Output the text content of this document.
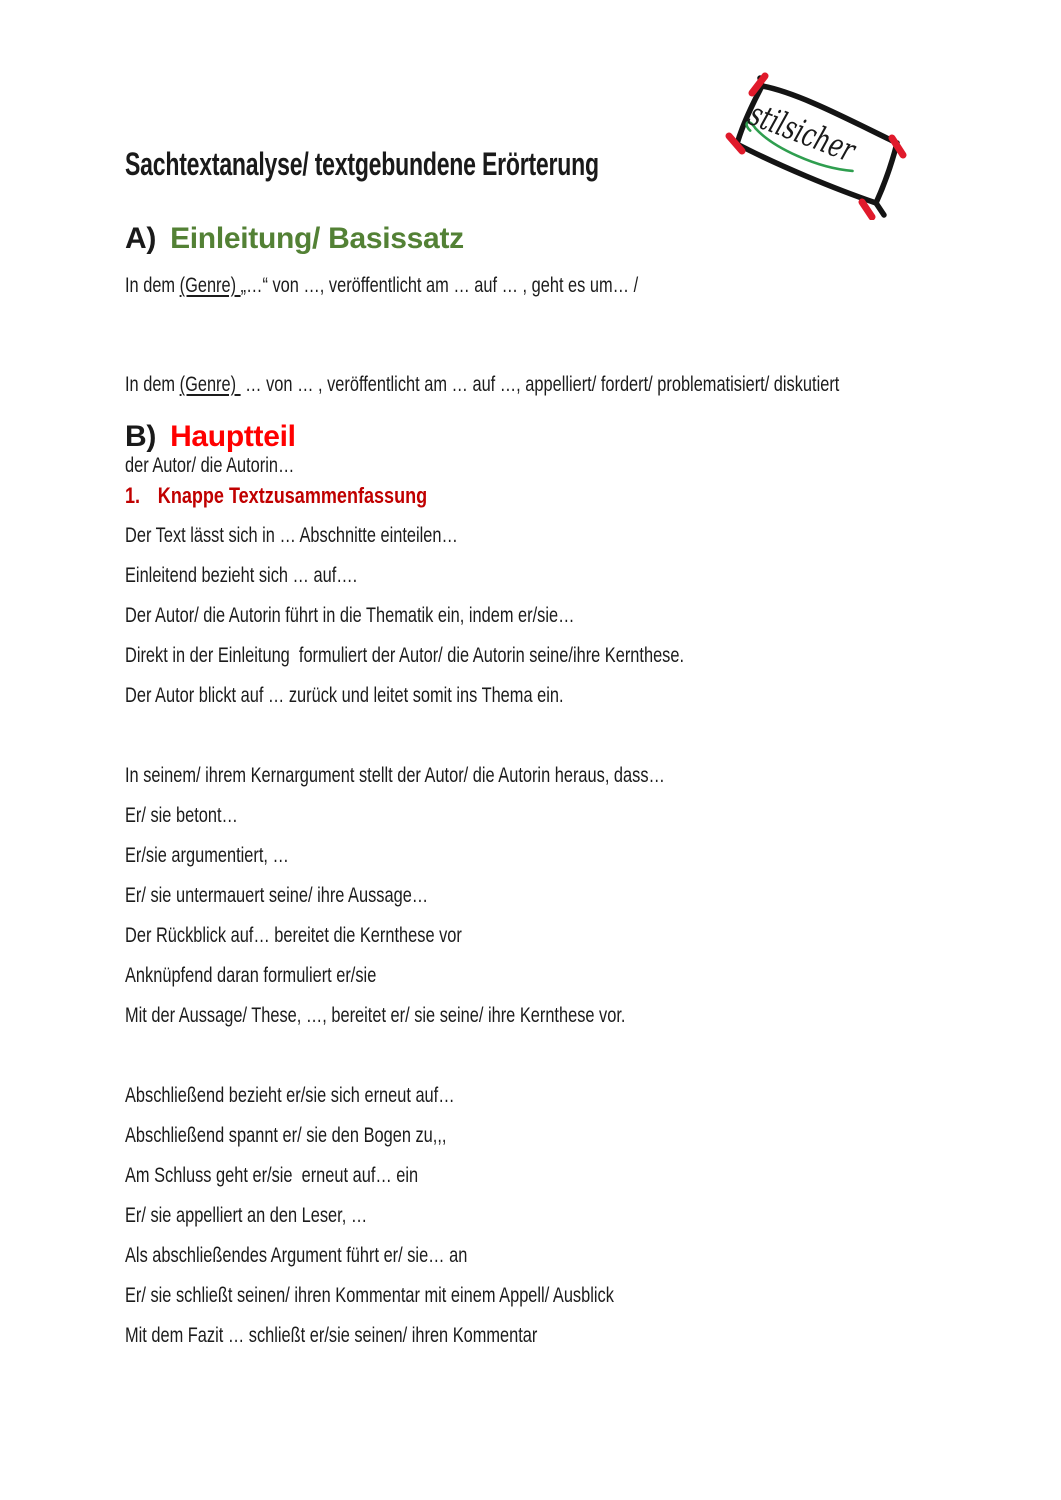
Sachtextanalyse/ textgebundene Erörterung	stilsicher
A) Einleitung/ Basissatz
In dem (Genre) „…“ von …, veröffentlicht am … auf … , geht es um… /

In dem (Genre)  … von … , veröffentlicht am … auf …, appelliert/ fordert/ problematisiert/ diskutiert

der Autor/ die Autorin…

B) Hauptteil
1. Knappe Textzusammenfassung
Der Text lässt sich in … Abschnitte einteilen…
Einleitend bezieht sich … auf….
Der Autor/ die Autorin führt in die Thematik ein, indem er/sie…
Direkt in der Einleitung  formuliert der Autor/ die Autorin seine/ihre Kernthese.
Der Autor blickt auf … zurück und leitet somit ins Thema ein.
In seinem/ ihrem Kernargument stellt der Autor/ die Autorin heraus, dass…
Er/ sie betont…
Er/sie argumentiert, …
Er/ sie untermauert seine/ ihre Aussage…
Der Rückblick auf… bereitet die Kernthese vor
Anknüpfend daran formuliert er/sie
Mit der Aussage/ These, …, bereitet er/ sie seine/ ihre Kernthese vor.
Abschließend bezieht er/sie sich erneut auf…
Abschließend spannt er/ sie den Bogen zu,,,
Am Schluss geht er/sie  erneut auf… ein
Er/ sie appelliert an den Leser, …
Als abschließendes Argument führt er/ sie… an
Er/ sie schließt seinen/ ihren Kommentar mit einem Appell/ Ausblick
Mit dem Fazit … schließt er/sie seinen/ ihren Kommentar
